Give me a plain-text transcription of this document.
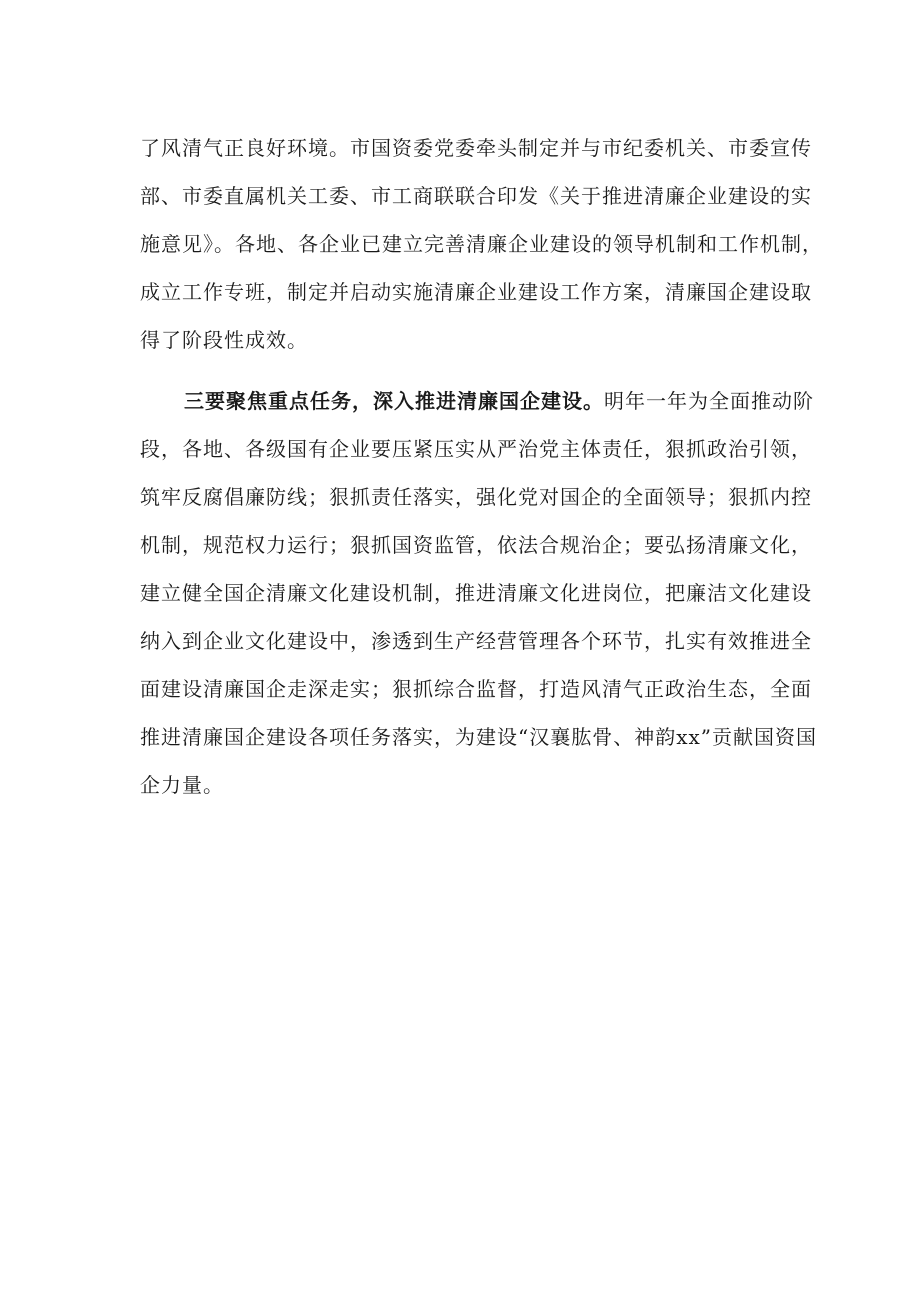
了风清气正良好环境。市国资委党委牵头制定并与市纪委机关、市委宣传
部、市委直属机关工委、市工商联联合印发《关于推进清廉企业建设的实
施意见》。各地、各企业已建立完善清廉企业建设的领导机制和工作机制，
成立工作专班，制定并启动实施清廉企业建设工作方案，清廉国企建设取
得了阶段性成效。
三要聚焦重点任务，深入推进清廉国企建设。明年一年为全面推动阶
段，各地、各级国有企业要压紧压实从严治党主体责任，狠抓政治引领，
筑牢反腐倡廉防线；狠抓责任落实，强化党对国企的全面领导；狠抓内控
机制，规范权力运行；狠抓国资监管，依法合规治企；要弘扬清廉文化，
建立健全国企清廉文化建设机制，推进清廉文化进岗位，把廉洁文化建设
纳入到企业文化建设中，渗透到生产经营管理各个环节，扎实有效推进全
面建设清廉国企走深走实；狠抓综合监督，打造风清气正政治生态，全面
推进清廉国企建设各项任务落实，为建设“汉襄肱骨、神韵xx”贡献国资国
企力量。
